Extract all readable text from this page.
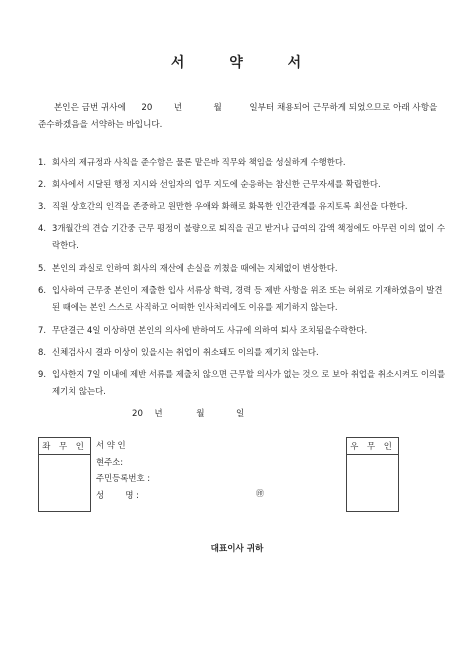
서	약	서
본인은 금번 귀사에 20 년	월	일부터 채용되어 근무하게 되었으므로 아래 사항을 준수하겠음을 서약하는 바입니다.
1. 회사의 제규정과 사칙을 준수함은 물론 맡은바 직무와 책임을 성실하게 수행한다.
2. 회사에서 시달된 행정 지시와 선임자의 업무 지도에 순응하는 참신한 근무자세를 확립한다.
3. 직원 상호간의 인격을 존중하고 원만한 우애와 화해로 화목한 인간관계를 유지토록 최선을 다한다.
4. 3개월간의 견습 기간중 근무 평정이 불량으로 퇴직을 권고 받거나 급여의 감액 책정에도 아무런 이의 없이 수락한다.
5. 본인의 과실로 인하여 회사의 재산에 손실을 끼쳤을 때에는 지체없이 변상한다.
6. 입사하여 근무중 본인이 제출한 입사 서류상 학력, 경력 등 제반 사항을 위조 또는 허위로 기재하였음이 발견된 때에는 본인 스스로 사직하고 어떠한 인사처리에도 이유를 제기하지 않는다.
7. 무단결근 4일 이상하면 본인의 의사에 반하여도 사규에 의하여 퇴사 조치됨을수락한다.
8. 신체검사시 결과 이상이 있을시는 취업이 취소돼도 이의를 제기치 않는다.
9. 입사한지 7일 이내에 제반 서류를 제출치 않으면 근무할 의사가 없는 것으 로 보아 취업을 취소시켜도 이의를 제기치 않는다.
20 년	월	일
좌 무 인	서 약 인
현주소:
주민등록번호 :
성        명 :	㊞
우 무 인
대표이사 귀하
